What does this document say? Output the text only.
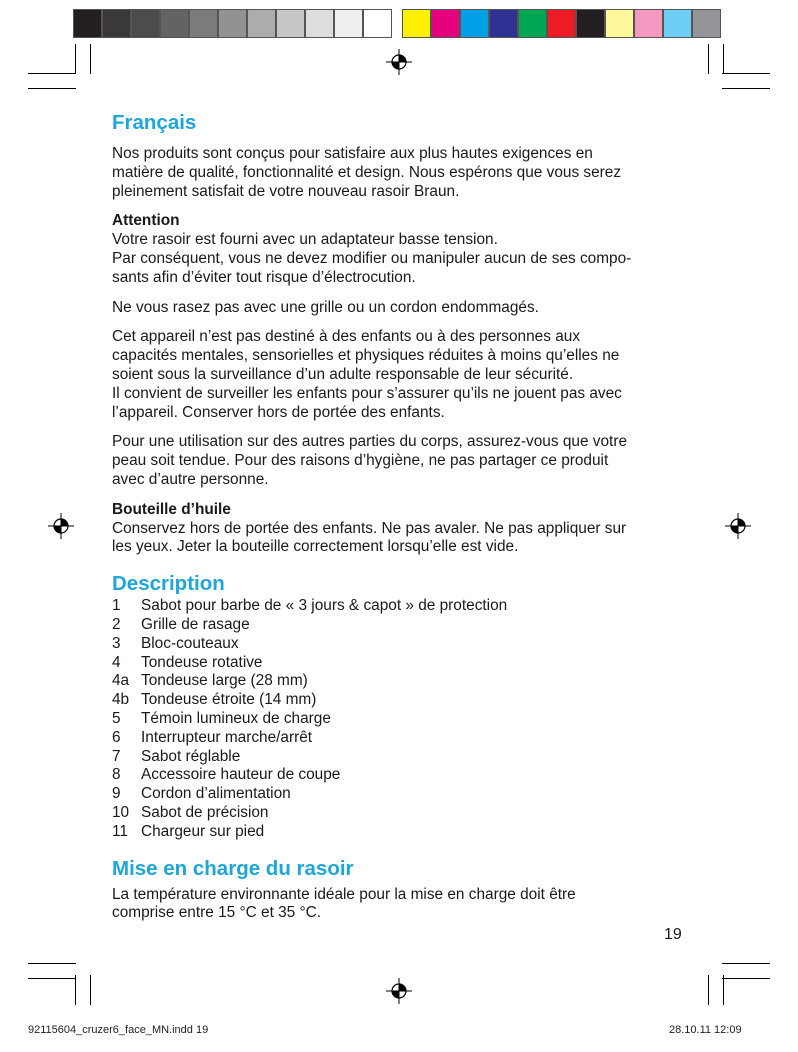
Français

Nos produits sont conçus pour satisfaire aux plus hautes exigences en
matière de qualité, fonctionnalité et design. Nous espérons que vous serez
pleinement satisfait de votre nouveau rasoir Braun.

Attention
Votre rasoir est fourni avec un adaptateur basse tension.
Par conséquent, vous ne devez modifier ou manipuler aucun de ses compo-
sants afin d’éviter tout risque d’électrocution.

Ne vous rasez pas avec une grille ou un cordon endommagés.

Cet appareil n’est pas destiné à des enfants ou à des personnes aux
capacités mentales, sensorielles et physiques réduites à moins qu’elles ne
soient sous la surveillance d’un adulte responsable de leur sécurité.
Il convient de surveiller les enfants pour s’assurer qu’ils ne jouent pas avec
l’appareil. Conserver hors de portée des enfants.

Pour une utilisation sur des autres parties du corps, assurez-vous que votre
peau soit tendue. Pour des raisons d’hygiène, ne pas partager ce produit
avec d’autre personne.

Bouteille d’huile
Conservez hors de portée des enfants. Ne pas avaler. Ne pas appliquer sur
les yeux. Jeter la bouteille correctement lorsqu’elle est vide.

Description
1	Sabot pour barbe de « 3 jours & capot » de protection
2	Grille de rasage
3	Bloc-couteaux
4	Tondeuse rotative
4a Tondeuse large (28 mm)
4b Tondeuse étroite (14 mm)
5	Témoin lumineux de charge
6	Interrupteur marche/arrêt
7	Sabot réglable
8	Accessoire hauteur de coupe
9	Cordon d’alimentation
10 Sabot de précision
11 Chargeur sur pied
Mise en charge du rasoir

La température environnante idéale pour la mise en charge doit être
comprise entre 15 °C et 35 °C.

19
92115604_cruzer6_face_MN.indd 19	28.10.11 12:09
